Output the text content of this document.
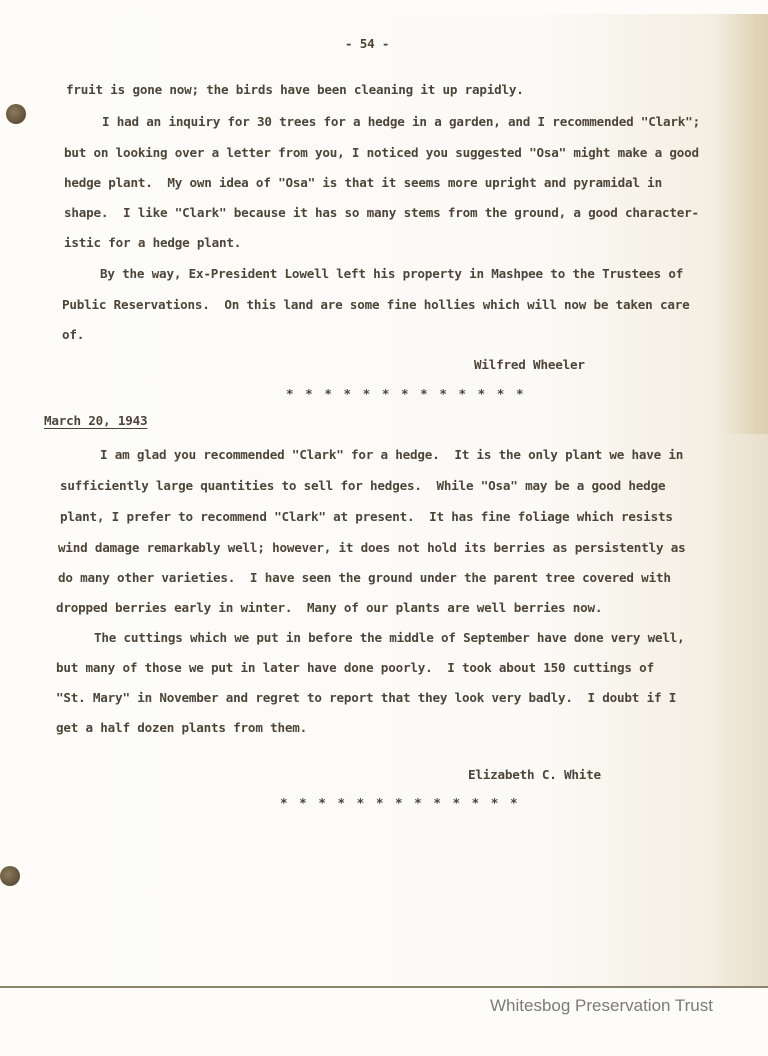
- 54 -
fruit is gone now; the birds have been cleaning it up rapidly.
I had an inquiry for 30 trees for a hedge in a garden, and I recommended "Clark";
but on looking over a letter from you, I noticed you suggested "Osa" might make a good
hedge plant.  My own idea of "Osa" is that it seems more upright and pyramidal in
shape.  I like "Clark" because it has so many stems from the ground, a good character-
istic for a hedge plant.
By the way, Ex-President Lowell left his property in Mashpee to the Trustees of
Public Reservations.  On this land are some fine hollies which will now be taken care
of.
Wilfred Wheeler
* * * * * * * * * * * * *
March 20, 1943
I am glad you recommended "Clark" for a hedge.  It is the only plant we have in
sufficiently large quantities to sell for hedges.  While "Osa" may be a good hedge
plant, I prefer to recommend "Clark" at present.  It has fine foliage which resists
wind damage remarkably well; however, it does not hold its berries as persistently as
do many other varieties.  I have seen the ground under the parent tree covered with
dropped berries early in winter.  Many of our plants are well berries now.
The cuttings which we put in before the middle of September have done very well,
but many of those we put in later have done poorly.  I took about 150 cuttings of
"St. Mary" in November and regret to report that they look very badly.  I doubt if I
get a half dozen plants from them.
Elizabeth C. White
* * * * * * * * * * * * *
Whitesbog Preservation Trust
